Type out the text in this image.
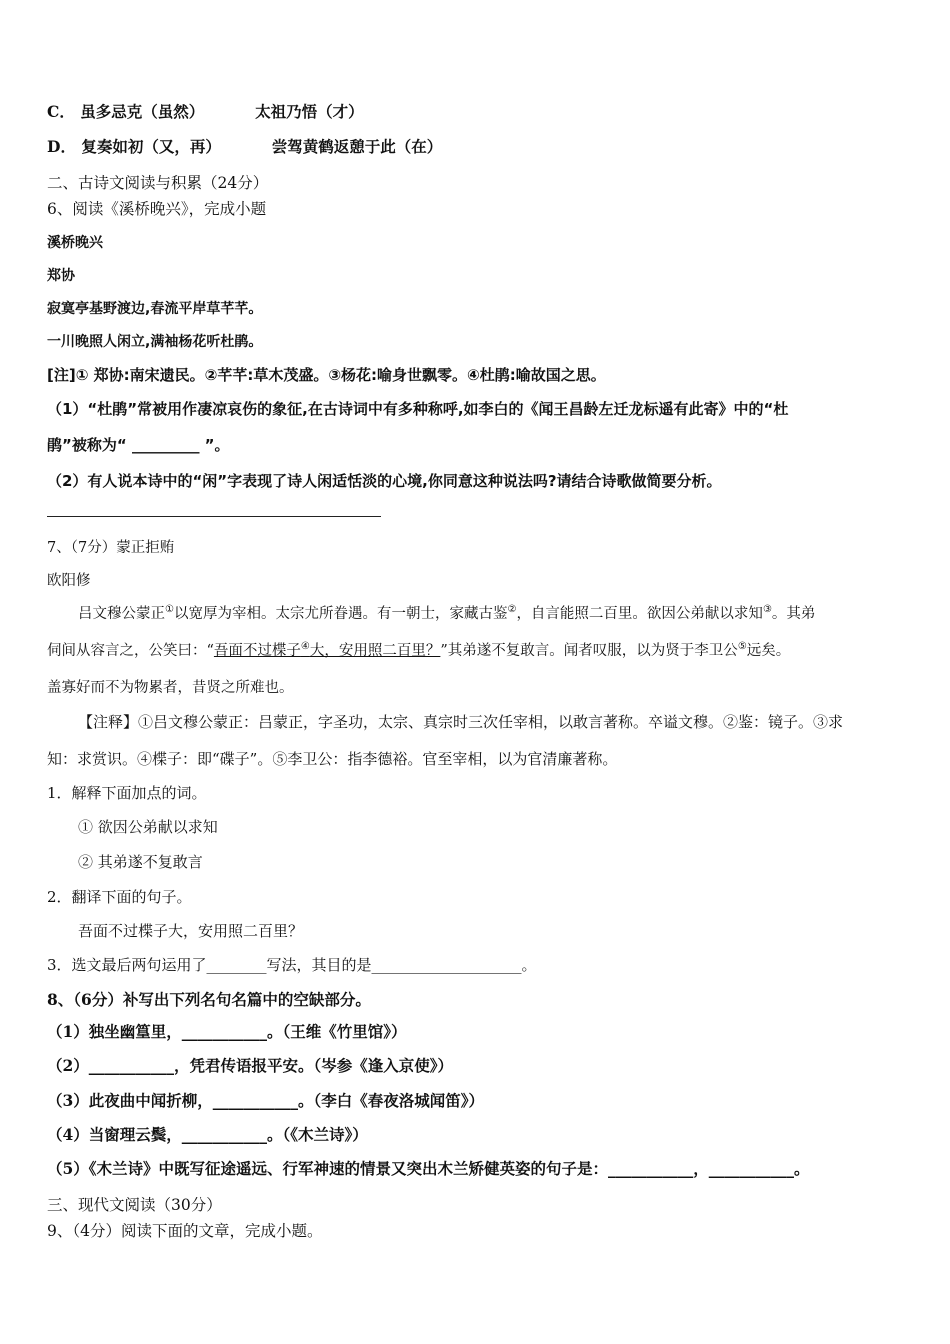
C． 虽多忌克（虽然）	太祖乃悟（才）
D． 复奏如初（又，再）	尝驾黄鹤返憩于此（在）
二、古诗文阅读与积累（24分）
6、阅读《溪桥晚兴》，完成小题
溪桥晚兴
郑协
寂寞亭基野渡边,春流平岸草芊芊。
一川晚照人闲立,满袖杨花听杜鹃。
[注]① 郑协:南宋遗民。②芊芊:草木茂盛。③杨花:喻身世飘零。④杜鹃:喻故国之思。
（1）“杜鹃”常被用作凄凉哀伤的象征,在古诗词中有多种称呼,如李白的《闻王昌龄左迁龙标遥有此寄》中的“杜
鹃”被称为“ _________ ”。
（2）有人说本诗中的“闲”字表现了诗人闲适恬淡的心境,你同意这种说法吗?请结合诗歌做简要分析。
7、（7分）蒙正拒贿
欧阳修
吕文穆公蒙正①以宽厚为宰相。太宗尤所眷遇。有一朝士，家藏古鉴②，自言能照二百里。欲因公弟献以求知③。其弟
伺间从容言之，公笑曰：“吾面不过楪子④大，安用照二百里？”其弟遂不复敢言。闻者叹服，以为贤于李卫公⑤远矣。
盖寡好而不为物累者，昔贤之所难也。
【注释】①吕文穆公蒙正：吕蒙正，字圣功，太宗、真宗时三次任宰相，以敢言著称。卒谥文穆。②鉴：镜子。③求
知：求赏识。④楪子：即“碟子”。⑤李卫公：指李德裕。官至宰相，以为官清廉著称。
1．解释下面加点的词。
① 欲因公弟献以求知
② 其弟遂不复敢言
2．翻译下面的句子。
吾面不过楪子大，安用照二百里？
3．选文最后两句运用了________写法，其目的是____________________。
8、（6分）补写出下列名句名篇中的空缺部分。
（1）独坐幽篁里，___________。（王维《竹里馆》）
（2）___________，凭君传语报平安。（岑参《逢入京使》）
（3）此夜曲中闻折柳，___________。（李白《春夜洛城闻笛》）
（4）当窗理云鬓，___________。（《木兰诗》）
（5）《木兰诗》中既写征途遥远、行军神速的情景又突出木兰矫健英姿的句子是：___________，___________。
三、现代文阅读（30分）
9、（4分）阅读下面的文章，完成小题。
